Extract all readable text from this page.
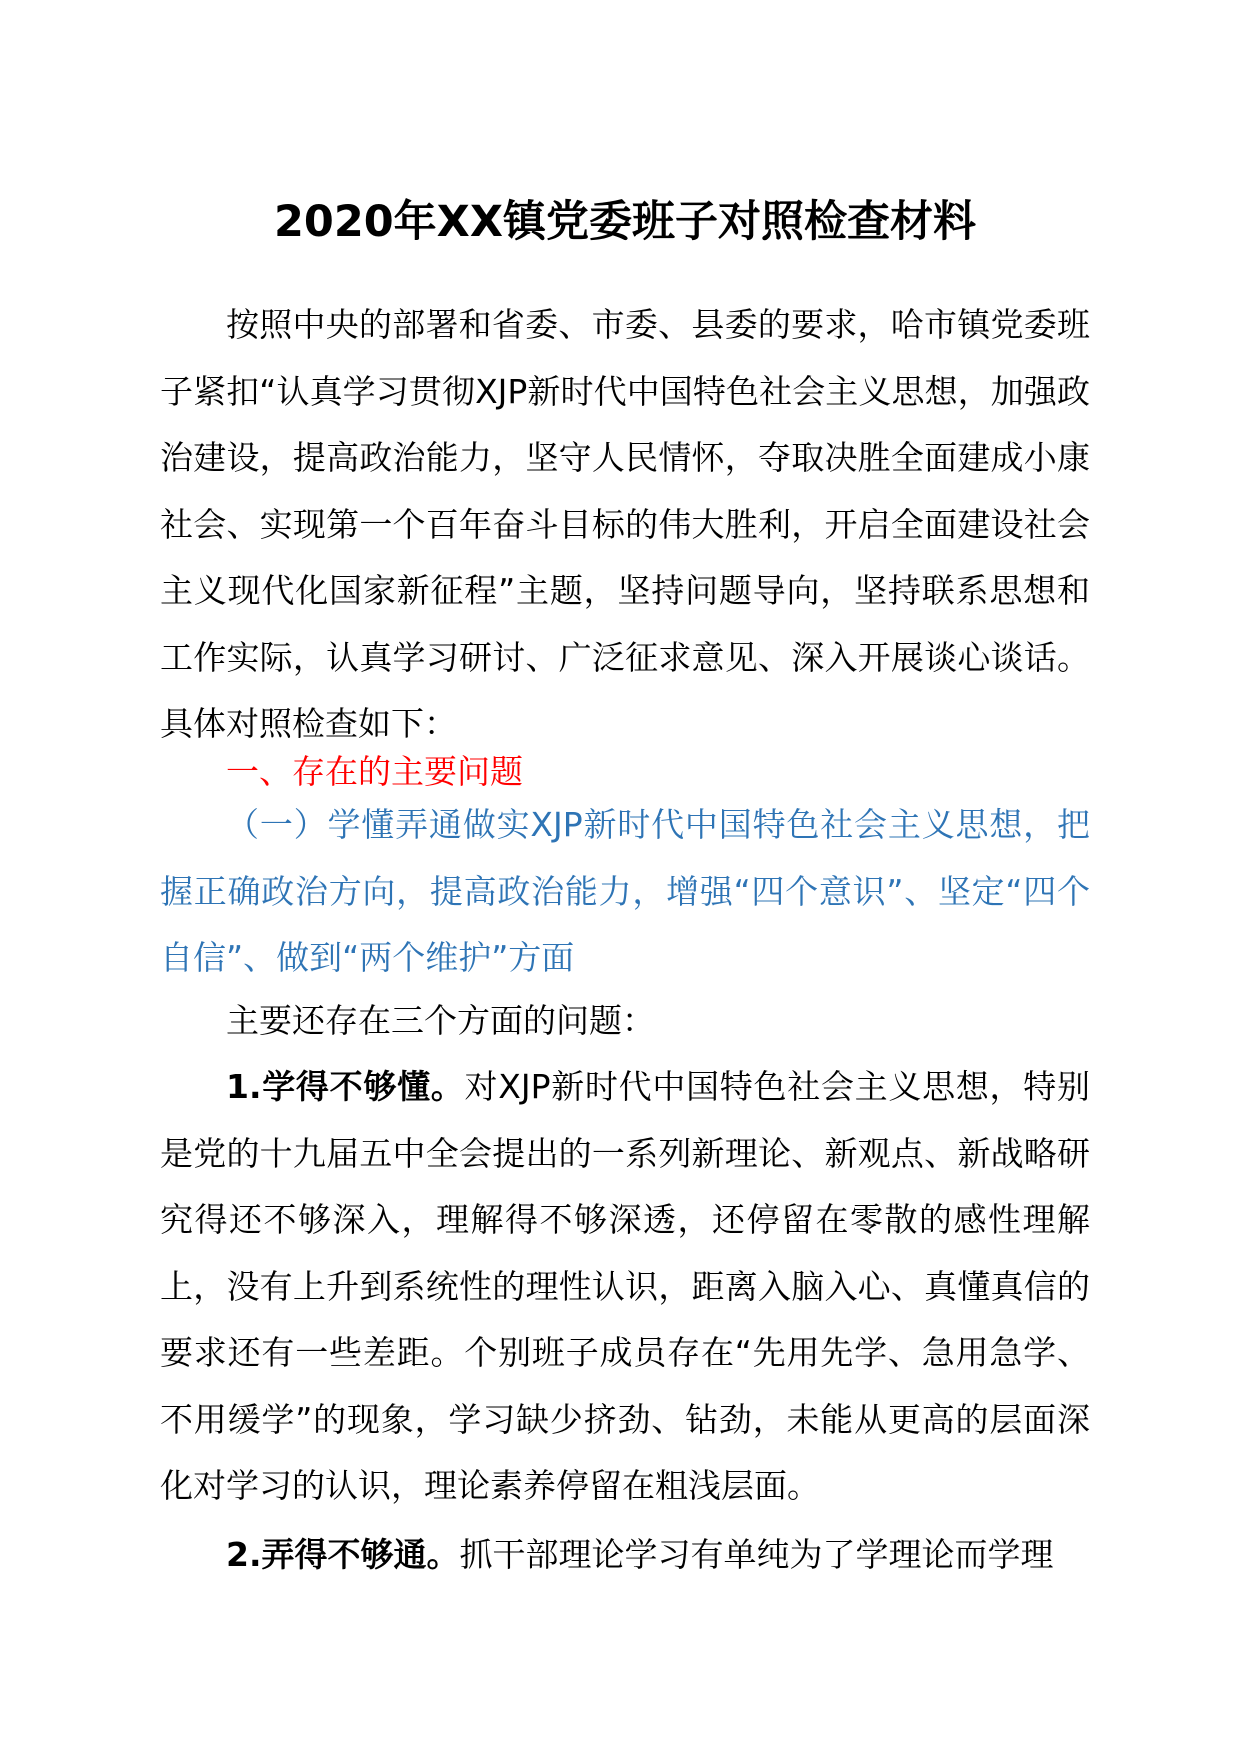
2020年XX镇党委班子对照检查材料

按照中央的部署和省委、市委、县委的要求，哈市镇党委班子紧扣“认真学习贯彻XJP新时代中国特色社会主义思想，加强政治建设，提高政治能力，坚守人民情怀，夺取决胜全面建成小康社会、实现第一个百年奋斗目标的伟大胜利，开启全面建设社会主义现代化国家新征程”主题，坚持问题导向，坚持联系思想和工作实际，认真学习研讨、广泛征求意见、深入开展谈心谈话。具体对照检查如下：

一、存在的主要问题

（一）学懂弄通做实XJP新时代中国特色社会主义思想，把握正确政治方向，提高政治能力，增强“四个意识”、坚定“四个自信”、做到“两个维护”方面

主要还存在三个方面的问题：

1.学得不够懂。对XJP新时代中国特色社会主义思想，特别是党的十九届五中全会提出的一系列新理论、新观点、新战略研究得还不够深入，理解得不够深透，还停留在零散的感性理解上，没有上升到系统性的理性认识，距离入脑入心、真懂真信的要求还有一些差距。个别班子成员存在“先用先学、急用急学、不用缓学”的现象，学习缺少挤劲、钻劲，未能从更高的层面深化对学习的认识，理论素养停留在粗浅层面。

2.弄得不够通。抓干部理论学习有单纯为了学理论而学理
